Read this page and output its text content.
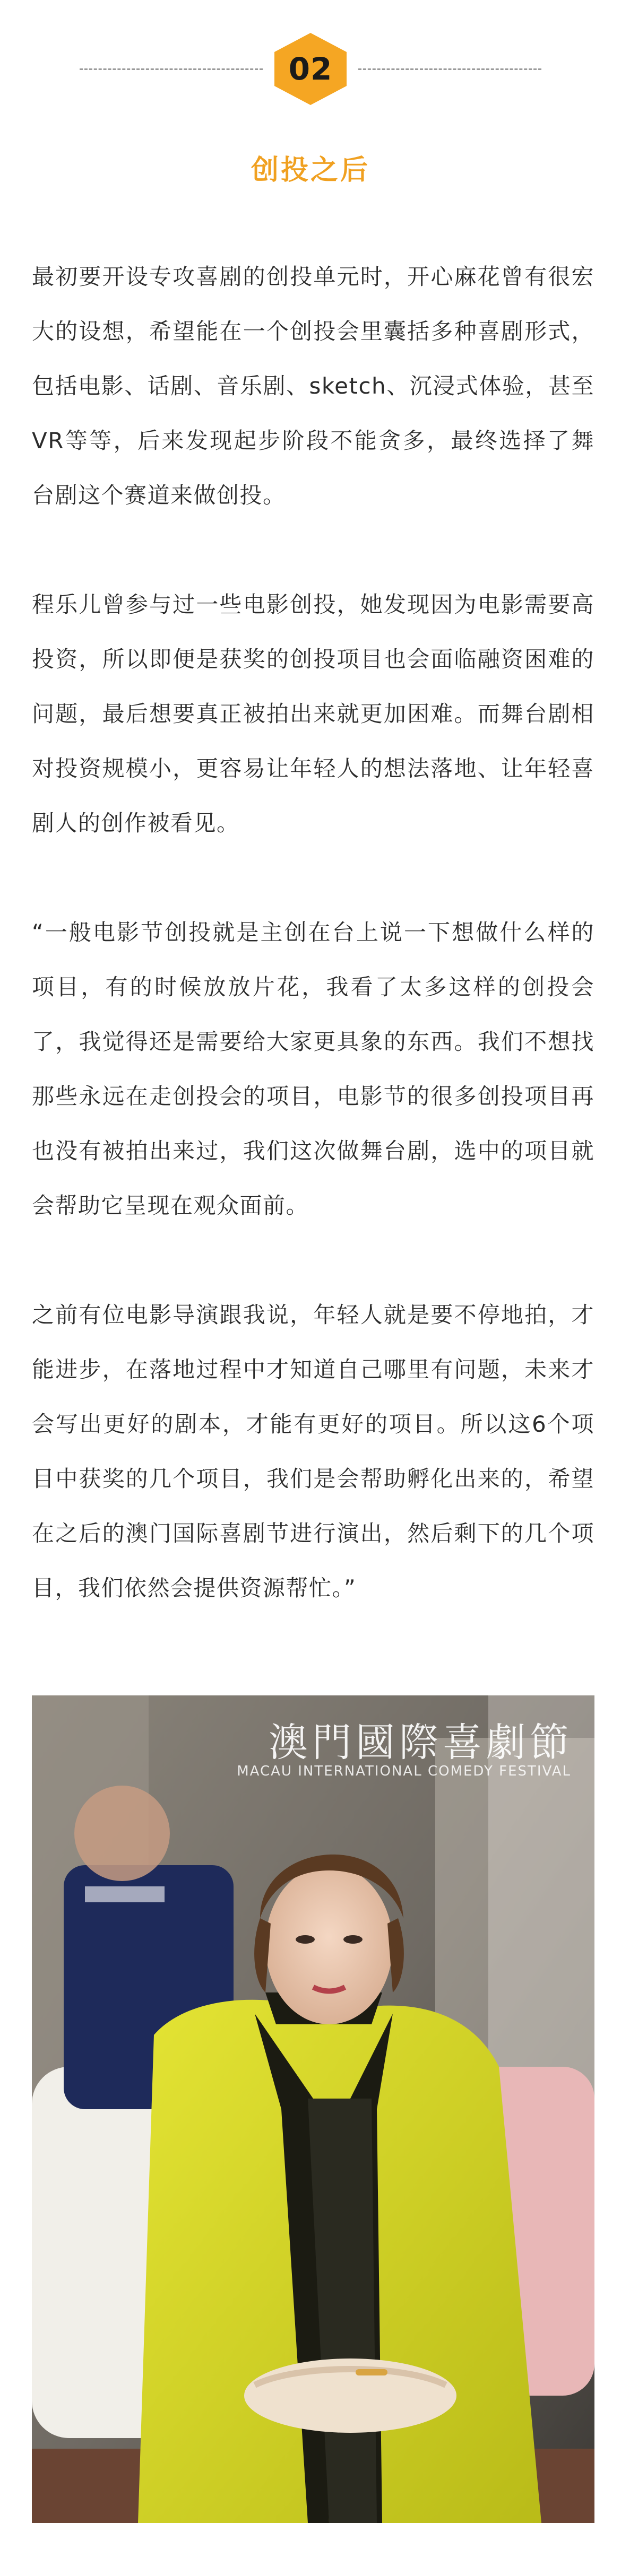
02
创投之后

最初要开设专攻喜剧的创投单元时，开心麻花曾有很宏大的设想，希望能在一个创投会里囊括多种喜剧形式，包括电影、话剧、音乐剧、sketch、沉浸式体验，甚至VR等等，后来发现起步阶段不能贪多，最终选择了舞台剧这个赛道来做创投。

程乐儿曾参与过一些电影创投，她发现因为电影需要高投资，所以即便是获奖的创投项目也会面临融资困难的问题，最后想要真正被拍出来就更加困难。而舞台剧相对投资规模小，更容易让年轻人的想法落地、让年轻喜剧人的创作被看见。

“一般电影节创投就是主创在台上说一下想做什么样的项目，有的时候放放片花，我看了太多这样的创投会了，我觉得还是需要给大家更具象的东西。我们不想找那些永远在走创投会的项目，电影节的很多创投项目再也没有被拍出来过，我们这次做舞台剧，选中的项目就会帮助它呈现在观众面前。

之前有位电影导演跟我说，年轻人就是要不停地拍，才能进步，在落地过程中才知道自己哪里有问题，未来才会写出更好的剧本，才能有更好的项目。所以这6个项目中获奖的几个项目，我们是会帮助孵化出来的，希望在之后的澳门国际喜剧节进行演出，然后剩下的几个项目，我们依然会提供资源帮忙。”

澳門國際喜劇節
MACAU INTERNATIONAL COMEDY FESTIVAL
